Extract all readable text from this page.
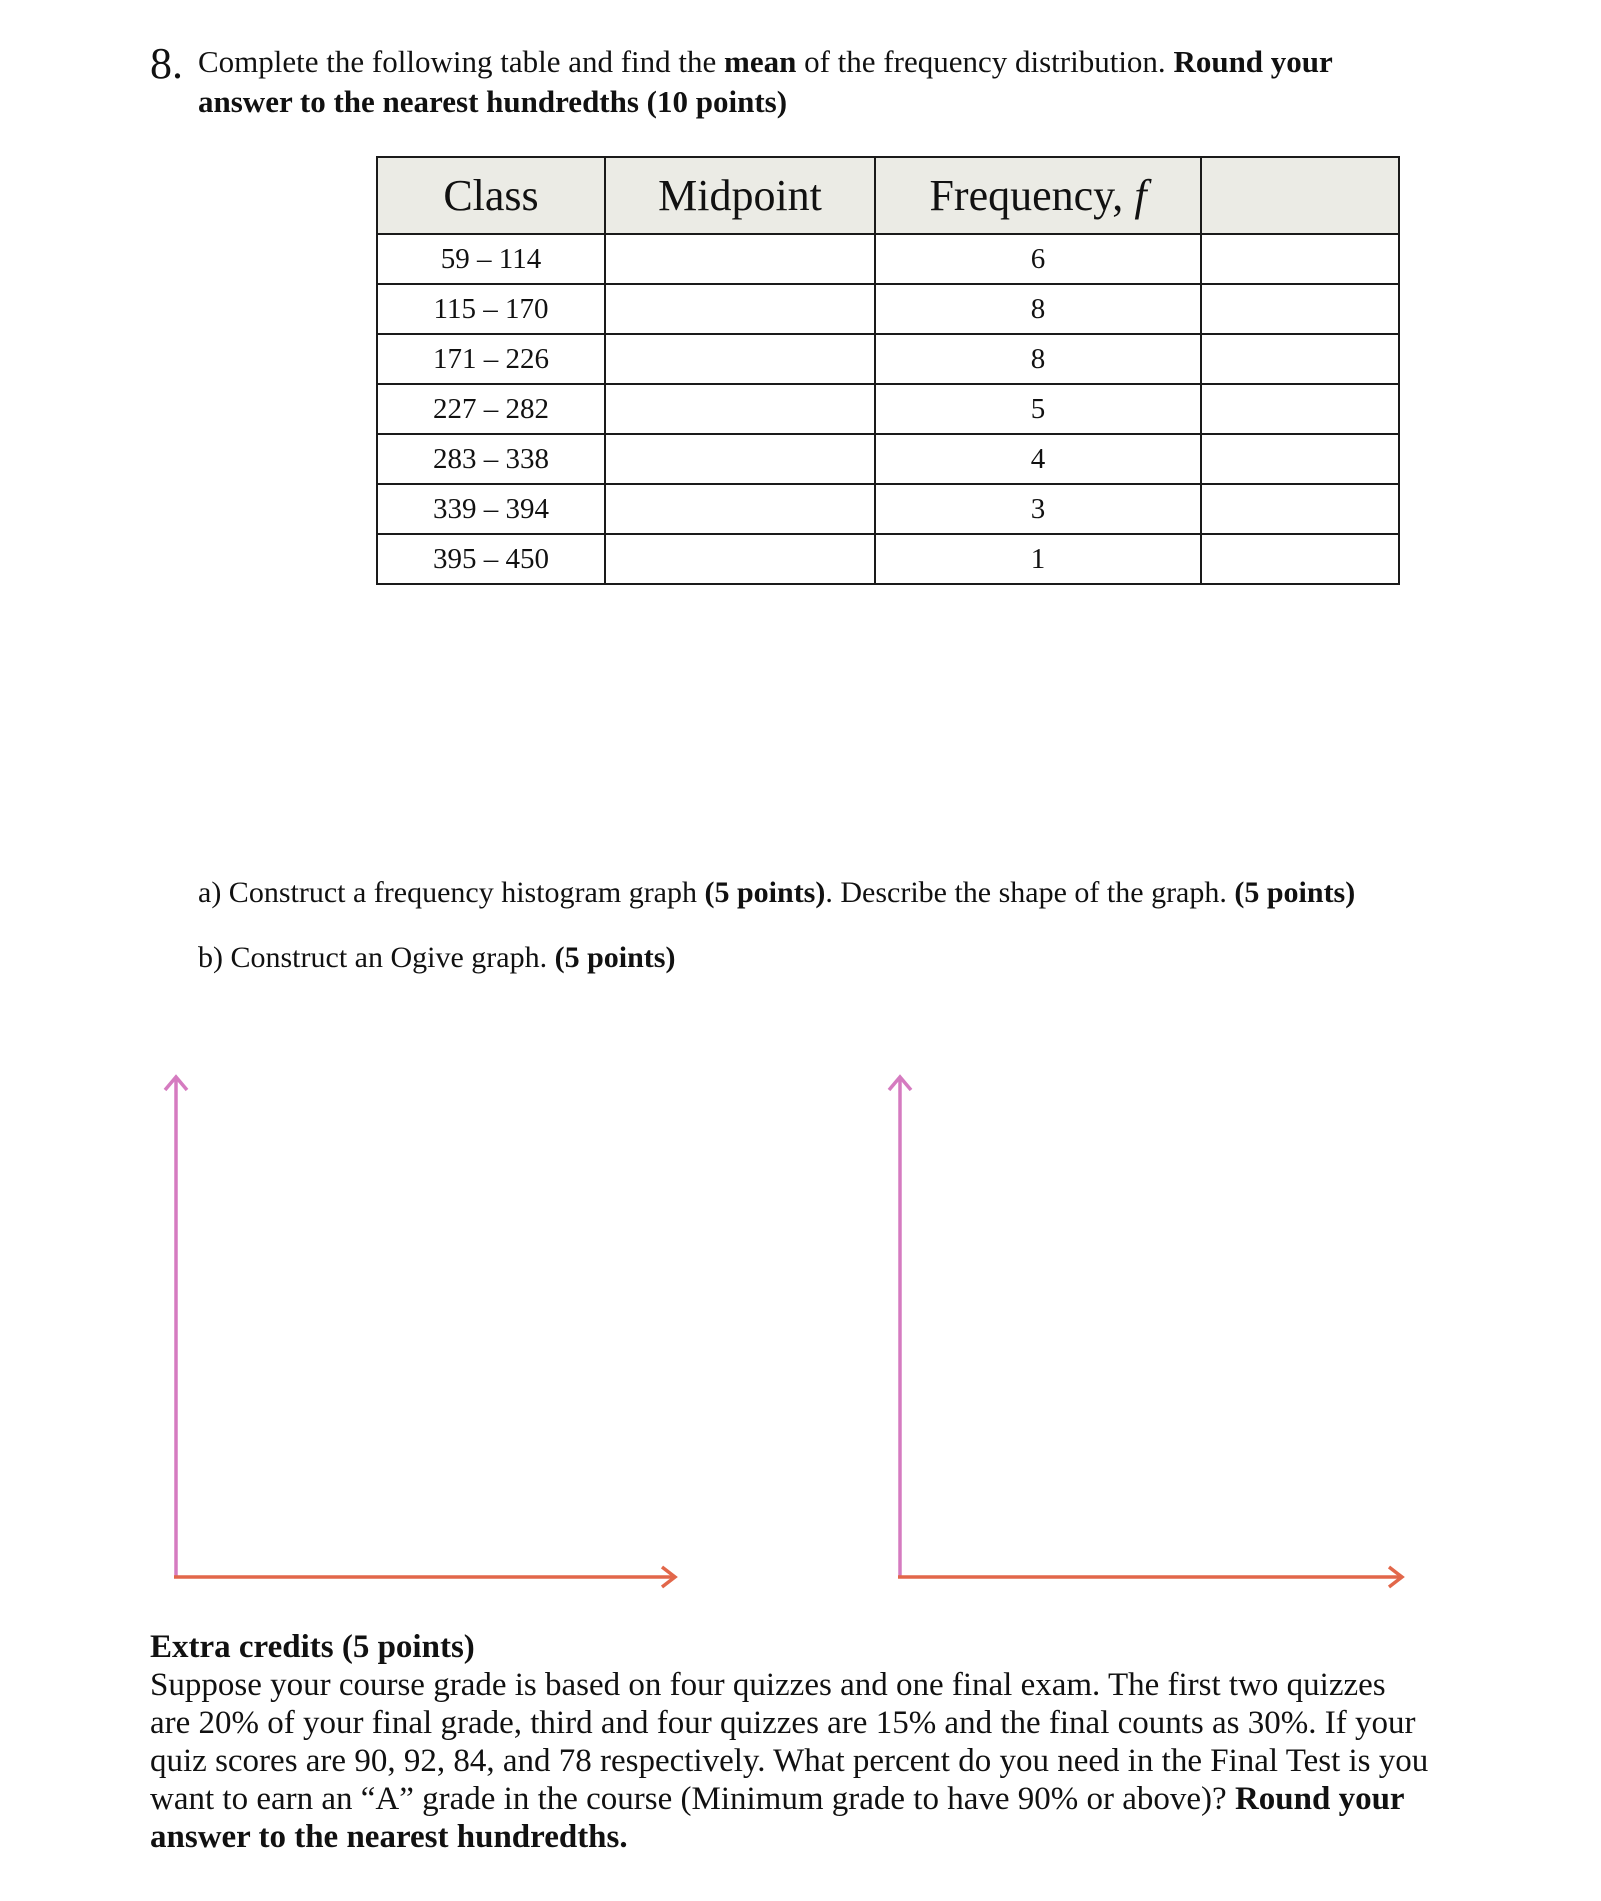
8. Complete the following table and find the mean of the frequency distribution. Round your answer to the nearest hundredths (10 points)
Class	Midpoint	Frequency, f	
59 – 114		6	
115 – 170		8	
171 – 226		8	
227 – 282		5	
283 – 338		4	
339 – 394		3	
395 – 450		1	
a) Construct a frequency histogram graph (5 points). Describe the shape of the graph. (5 points)
b) Construct an Ogive graph. (5 points)
Extra credits (5 points)
Suppose your course grade is based on four quizzes and one final exam. The first two quizzes are 20% of your final grade, third and four quizzes are 15% and the final counts as 30%. If your quiz scores are 90, 92, 84, and 78 respectively. What percent do you need in the Final Test is you want to earn an “A” grade in the course (Minimum grade to have 90% or above)? Round your answer to the nearest hundredths.
